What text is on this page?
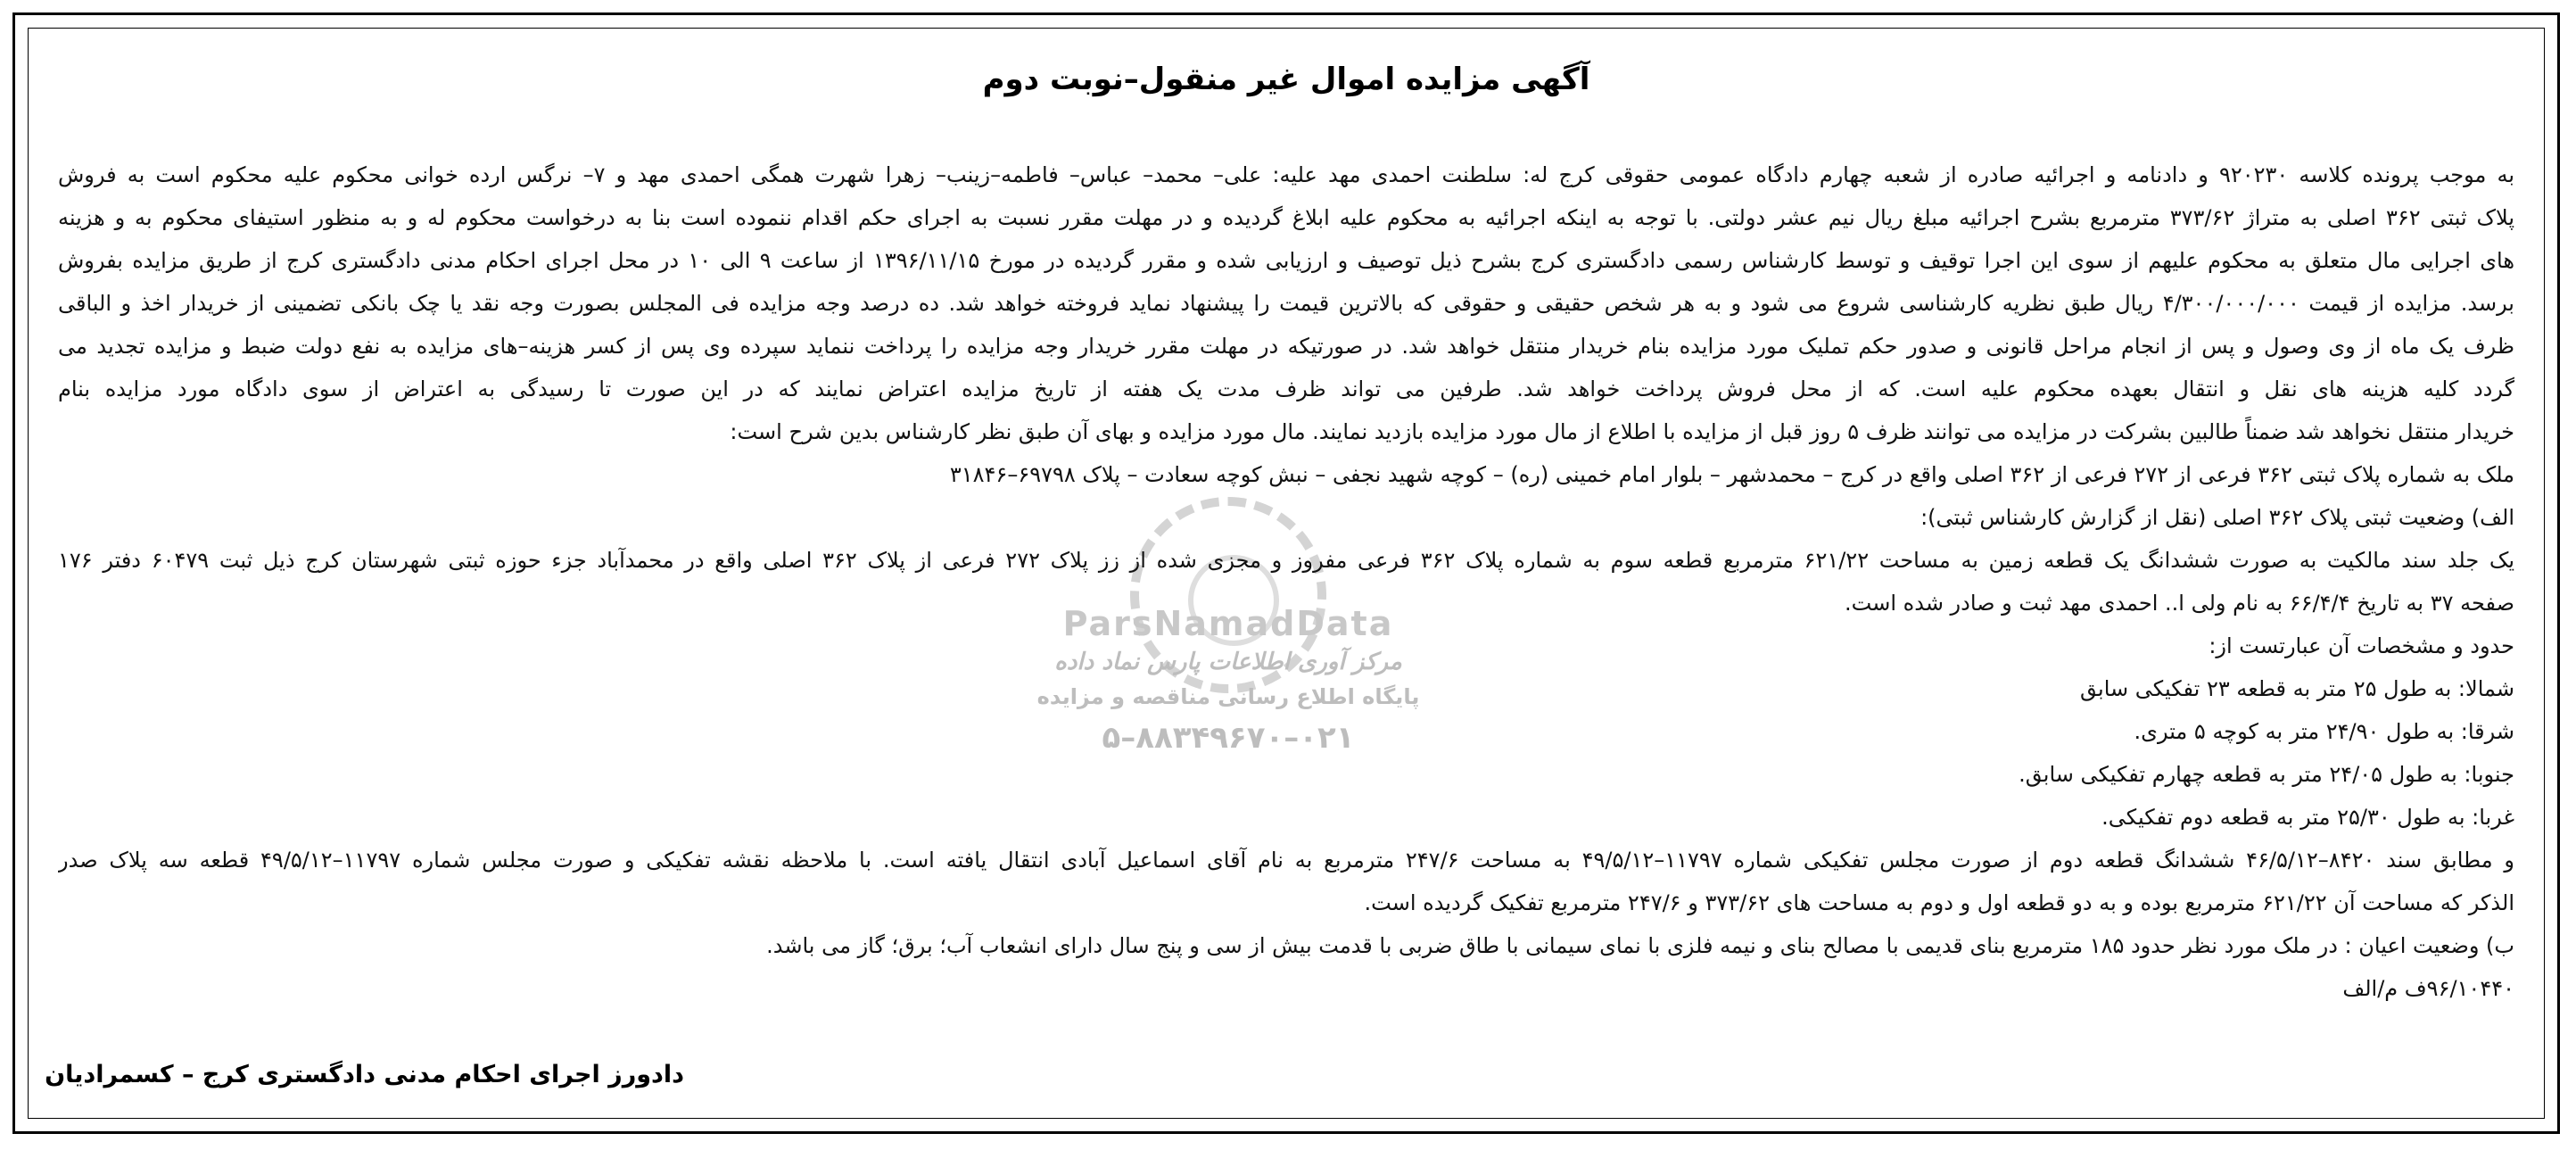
ParsNamadData
مرکز آوری اطلاعات پارس نماد داده
پایگاه اطلاع رسانی مناقصه و مزایده
۰۲۱–۸۸۳۴۹۶۷۰–۵
آگهی مزایده اموال غیر منقول–نوبت دوم
به موجب پرونده کلاسه ۹۲۰۲۳۰ و دادنامه و اجرائیه صادره از شعبه چهارم دادگاه عمومی حقوقی کرج له: سلطنت احمدی مهد علیه: علی– محمد– عباس– فاطمه–زینب– زهرا شهرت همگی احمدی مهد و ۷– نرگس ارده خوانی محکوم علیه محکوم است به فروش
پلاک ثبتی ۳۶۲ اصلی به متراژ ۳۷۳/۶۲ مترمربع بشرح اجرائیه مبلغ ریال نیم عشر دولتی. با توجه به اینکه اجرائیه به محکوم علیه ابلاغ گردیده و در مهلت مقرر نسبت به اجرای حکم اقدام ننموده است بنا به درخواست محکوم له و به منظور استیفای محکوم به و هزینه
های اجرایی مال متعلق به محکوم علیهم از سوی این اجرا توقیف و توسط کارشناس رسمی دادگستری کرج بشرح ذیل توصیف و ارزیابی شده و مقرر گردیده در مورخ ۱۳۹۶/۱۱/۱۵ از ساعت ۹ الی ۱۰ در محل اجرای احکام مدنی دادگستری کرج از طریق مزایده بفروش
برسد. مزایده از قیمت ۴/۳۰۰/۰۰۰/۰۰۰ ریال طبق نظریه کارشناسی شروع می شود و به هر شخص حقیقی و حقوقی که بالاترین قیمت را پیشنهاد نماید فروخته خواهد شد. ده درصد وجه مزایده فی المجلس بصورت وجه نقد یا چک بانکی تضمینی از خریدار اخذ و الباقی
ظرف یک ماه از وی وصول و پس از انجام مراحل قانونی و صدور حکم تملیک مورد مزایده بنام خریدار منتقل خواهد شد. در صورتیکه در مهلت مقرر خریدار وجه مزایده را پرداخت ننماید سپرده وی پس از کسر هزینه–های مزایده به نفع دولت ضبط و مزایده تجدید می
گردد کلیه هزینه های نقل و انتقال بعهده محکوم علیه است. که از محل فروش پرداخت خواهد شد. طرفین می تواند ظرف مدت یک هفته از تاریخ مزایده اعتراض نمایند که در این صورت تا رسیدگی به اعتراض از سوی دادگاه مورد مزایده بنام
خریدار منتقل نخواهد شد ضمناً طالبین بشرکت در مزایده می توانند ظرف ۵ روز قبل از مزایده با اطلاع از مال مورد مزایده بازدید نمایند. مال مورد مزایده و بهای آن طبق نظر کارشناس بدین شرح است:
ملک به شماره پلاک ثبتی ۳۶۲ فرعی از ۲۷۲ فرعی از ۳۶۲ اصلی واقع در کرج – محمدشهر – بلوار امام خمینی (ره) – کوچه شهید نجفی – نبش کوچه سعادت – پلاک ۶۹۷۹۸–۳۱۸۴۶
الف) وضعیت ثبتی پلاک ۳۶۲ اصلی (نقل از گزارش کارشناس ثبتی):
یک جلد سند مالکیت به صورت ششدانگ یک قطعه زمین به مساحت ۶۲۱/۲۲ مترمربع قطعه سوم به شماره پلاک ۳۶۲ فرعی مفروز و مجزی شده از زز پلاک ۲۷۲ فرعی از پلاک ۳۶۲ اصلی واقع در محمدآباد جزء حوزه ثبتی شهرستان کرج ذیل ثبت ۶۰۴۷۹ دفتر ۱۷۶
صفحه ۳۷ به تاریخ ۶۶/۴/۴ به نام ولی ا.. احمدی مهد ثبت و صادر شده است.
حدود و مشخصات آن عبارتست از:
شمالا: به طول ۲۵ متر به قطعه ۲۳ تفکیکی سابق
شرقا: به طول ۲۴/۹۰ متر به کوچه ۵ متری.
جنوبا: به طول ۲۴/۰۵ متر به قطعه چهارم تفکیکی سابق.
غربا: به طول ۲۵/۳۰ متر به قطعه دوم تفکیکی.
و مطابق سند ۸۴۲۰–۴۶/۵/۱۲ ششدانگ قطعه دوم از صورت مجلس تفکیکی شماره ۱۱۷۹۷–۴۹/۵/۱۲ به مساحت ۲۴۷/۶ مترمربع به نام آقای اسماعیل آبادی انتقال یافته است. با ملاحظه نقشه تفکیکی و صورت مجلس شماره ۱۱۷۹۷–۴۹/۵/۱۲ قطعه سه پلاک صدر
الذکر که مساحت آن ۶۲۱/۲۲ مترمربع بوده و به دو قطعه اول و دوم به مساحت های ۳۷۳/۶۲ و ۲۴۷/۶ مترمربع تفکیک گردیده است.
ب) وضعیت اعیان : در ملک مورد نظر حدود ۱۸۵ مترمربع بنای قدیمی با مصالح بنای و نیمه فلزی با نمای سیمانی با طاق ضربی با قدمت بیش از سی و پنج سال دارای انشعاب آب؛ برق؛ گاز می باشد.
۹۶/۱۰۴۴۰ف م/الف
دادورز اجرای احکام مدنی دادگستری کرج – کسمرادیان
